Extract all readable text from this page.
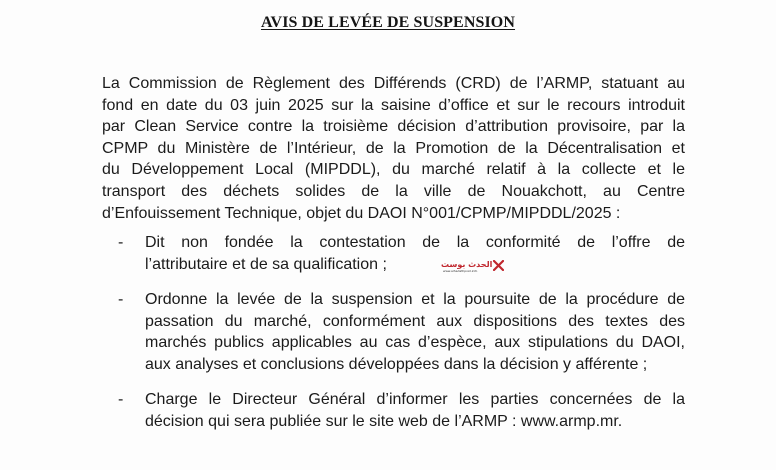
AVIS DE LEVÉE DE SUSPENSION
La Commission de Règlement des Différends (CRD) de l’ARMP, statuant au
fond en date du 03 juin 2025 sur la saisine d’office et sur le recours introduit
par Clean Service contre la troisième décision d’attribution provisoire, par la
CPMP du Ministère de l’Intérieur, de la Promotion de la Décentralisation et
du Développement Local (MIPDDL), du marché relatif à la collecte et le
transport des déchets solides de la ville de Nouakchott, au Centre
d’Enfouissement Technique, objet du DAOI N°001/CPMP/MIPDDL/2025 :
-	Dit non fondée la contestation de la conformité de l’offre de
l’attributaire et de sa qualification ;
-	Ordonne la levée de la suspension et la poursuite de la procédure de
passation du marché, conformément aux dispositions des textes des
marchés publics applicables au cas d’espèce, aux stipulations du DAOI,
aux analyses et conclusions développées dans la décision y afférente ;
-	Charge le Directeur Général d’informer les parties concernées de la
décision qui sera publiée sur le site web de l’ARMP : www.armp.mr.
الحدث بوست
www.alhadathpost.info
